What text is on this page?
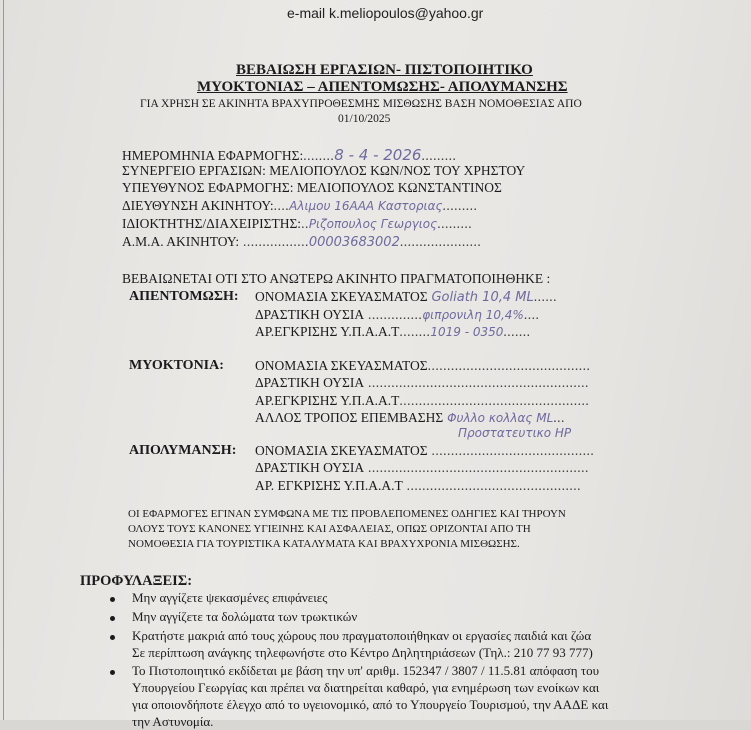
e-mail k.meliopoulos@yahoo.gr
ΒΕΒΑΙΩΣΗ ΕΡΓΑΣΙΩΝ- ΠΙΣΤΟΠΟΙΗΤΙΚΟ
ΜΥΟΚΤΟΝΙΑΣ – ΑΠΕΝΤΟΜΩΣΗΣ- ΑΠΟΛΥΜΑΝΣΗΣ
ΓΙΑ ΧΡΗΣΗ ΣΕ ΑΚΙΝΗΤΑ ΒΡΑΧΥΠΡΟΘΕΣΜΗΣ ΜΙΣΘΩΣΗΣ ΒΑΣΗ ΝΟΜΟΘΕΣΙΑΣ ΑΠΟ
01/10/2025
ΗΜΕΡΟΜΗΝΙΑ ΕΦΑΡΜΟΓΗΣ:........8 - 4 - 2026.........
ΣΥΝΕΡΓΕΙΟ ΕΡΓΑΣΙΩΝ: ΜΕΛΙΟΠΟΥΛΟΣ ΚΩΝ/ΝΟΣ ΤΟΥ ΧΡΗΣΤΟΥ
ΥΠΕΥΘΥΝΟΣ ΕΦΑΡΜΟΓΗΣ: ΜΕΛΙΟΠΟΥΛΟΣ ΚΩΝΣΤΑΝΤΙΝΟΣ
ΔΙΕΥΘΥΝΣΗ ΑΚΙΝΗΤΟΥ:....Αλιμου 16ΑΑΑ Καστοριας.........
ΙΔΙΟΚΤΗΤΗΣ/ΔΙΑΧΕΙΡΙΣΤΗΣ:..Ριζοπουλος Γεωργιος.........
Α.Μ.Α. ΑΚΙΝΗΤΟΥ: .................00003683002.....................
ΒΕΒΑΙΩΝΕΤΑΙ ΟΤΙ ΣΤΟ ΑΝΩΤΕΡΩ ΑΚΙΝΗΤΟ ΠΡΑΓΜΑΤΟΠΟΙΗΘΗΚΕ :
ΑΠΕΝΤΟΜΩΣΗ: ΟΝΟΜΑΣΙΑ ΣΚΕΥΑΣΜΑΤΟΣ Goliath 10,4 ML......
ΔΡΑΣΤΙΚΗ ΟΥΣΙΑ ..............φιπρονιλη 10,4%....
ΑΡ.ΕΓΚΡΙΣΗΣ Υ.Π.Α.Α.Τ........1019 - 0350.......
ΜΥΟΚΤΟΝΙΑ: ΟΝΟΜΑΣΙΑ ΣΚΕΥΑΣΜΑΤΟΣ..........................................
ΔΡΑΣΤΙΚΗ ΟΥΣΙΑ .........................................................
ΑΡ.ΕΓΚΡΙΣΗΣ Υ.Π.Α.Α.Τ.................................................
ΑΛΛΟΣ ΤΡΟΠΟΣ ΕΠΕΜΒΑΣΗΣ Φυλλο κολλας ML...
Προστατευτικο ΗΡ
ΑΠΟΛΥΜΑΝΣΗ: ΟΝΟΜΑΣΙΑ ΣΚΕΥΑΣΜΑΤΟΣ ..........................................
ΔΡΑΣΤΙΚΗ ΟΥΣΙΑ .........................................................
ΑΡ. ΕΓΚΡΙΣΗΣ Υ.Π.Α.Α.Τ .............................................
ΟΙ ΕΦΑΡΜΟΓΕΣ ΕΓΙΝΑΝ ΣΥΜΦΩΝΑ ΜΕ ΤΙΣ ΠΡΟΒΛΕΠΟΜΕΝΕΣ ΟΔΗΓΙΕΣ ΚΑΙ ΤΗΡΟΥΝ
ΟΛΟΥΣ ΤΟΥΣ ΚΑΝΟΝΕΣ ΥΓΙΕΙΝΗΣ ΚΑΙ ΑΣΦΑΛΕΙΑΣ, ΟΠΩΣ ΟΡΙΖΟΝΤΑΙ ΑΠΟ ΤΗ
ΝΟΜΟΘΕΣΙΑ ΓΙΑ ΤΟΥΡΙΣΤΙΚΑ ΚΑΤΑΛΥΜΑΤΑ ΚΑΙ ΒΡΑΧΥΧΡΟΝΙΑ ΜΙΣΘΩΣΗΣ.
ΠΡΟΦΥΛΑΞΕΙΣ:
Μην αγγίζετε ψεκασμένες επιφάνειες
Μην αγγίζετε τα δολώματα των τρωκτικών
Κρατήστε μακριά από τους χώρους που πραγματοποιήθηκαν οι εργασίες παιδιά και ζώα
Σε περίπτωση ανάγκης τηλεφωνήστε στο Κέντρο Δηλητηριάσεων (Τηλ.: 210 77 93 777)
Το Πιστοποιητικό εκδίδεται με βάση την υπ' αριθμ. 152347 / 3807 / 11.5.81 απόφαση του
Υπουργείου Γεωργίας και πρέπει να διατηρείται καθαρό, για ενημέρωση των ενοίκων και
για οποιονδήποτε έλεγχο από το υγειονομικό, από το Υπουργείο Τουρισμού, την ΑΑΔΕ και
την Αστυνομία.
